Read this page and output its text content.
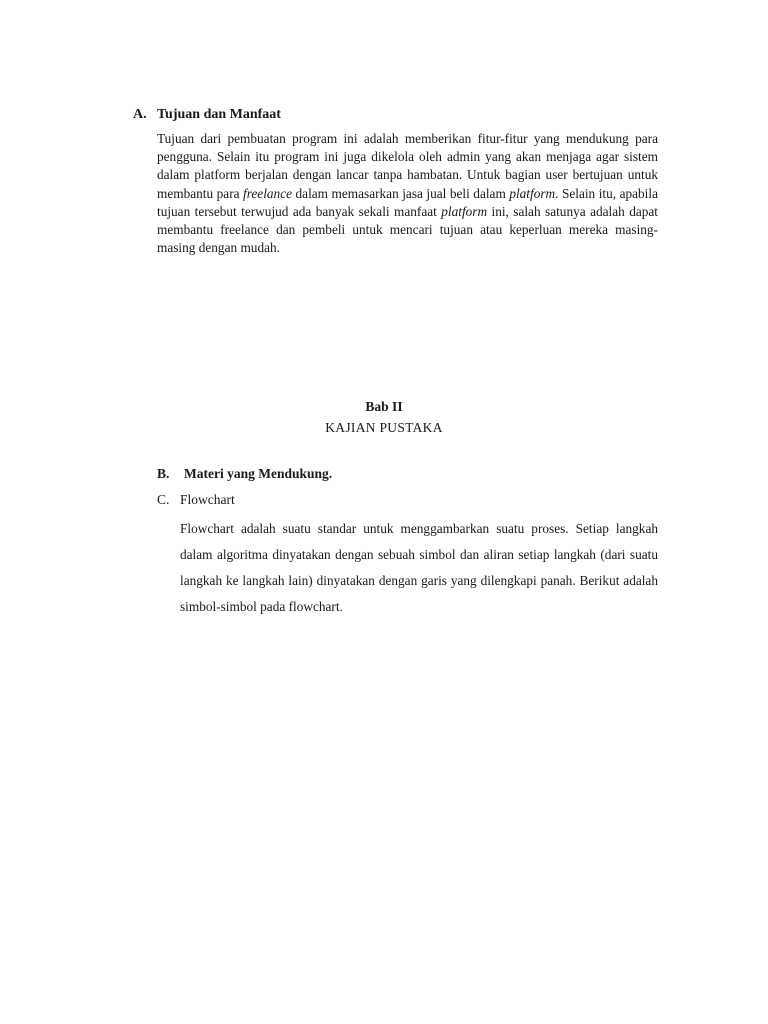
A. Tujuan dan Manfaat

Tujuan dari pembuatan program ini adalah memberikan fitur-fitur yang mendukung para pengguna. Selain itu program ini juga dikelola oleh admin yang akan menjaga agar sistem dalam platform berjalan dengan lancar tanpa hambatan. Untuk bagian user bertujuan untuk membantu para freelance dalam memasarkan jasa jual beli dalam platform. Selain itu, apabila tujuan tersebut terwujud ada banyak sekali manfaat platform ini, salah satunya adalah dapat membantu freelance dan pembeli untuk mencari tujuan atau keperluan mereka masing-masing dengan mudah.

Bab II
KAJIAN PUSTAKA
B. Materi yang Mendukung.
C. Flowchart

Flowchart adalah suatu standar untuk menggambarkan suatu proses. Setiap langkah dalam algoritma dinyatakan dengan sebuah simbol dan aliran setiap langkah (dari suatu langkah ke langkah lain) dinyatakan dengan garis yang dilengkapi panah. Berikut adalah simbol-simbol pada flowchart.
